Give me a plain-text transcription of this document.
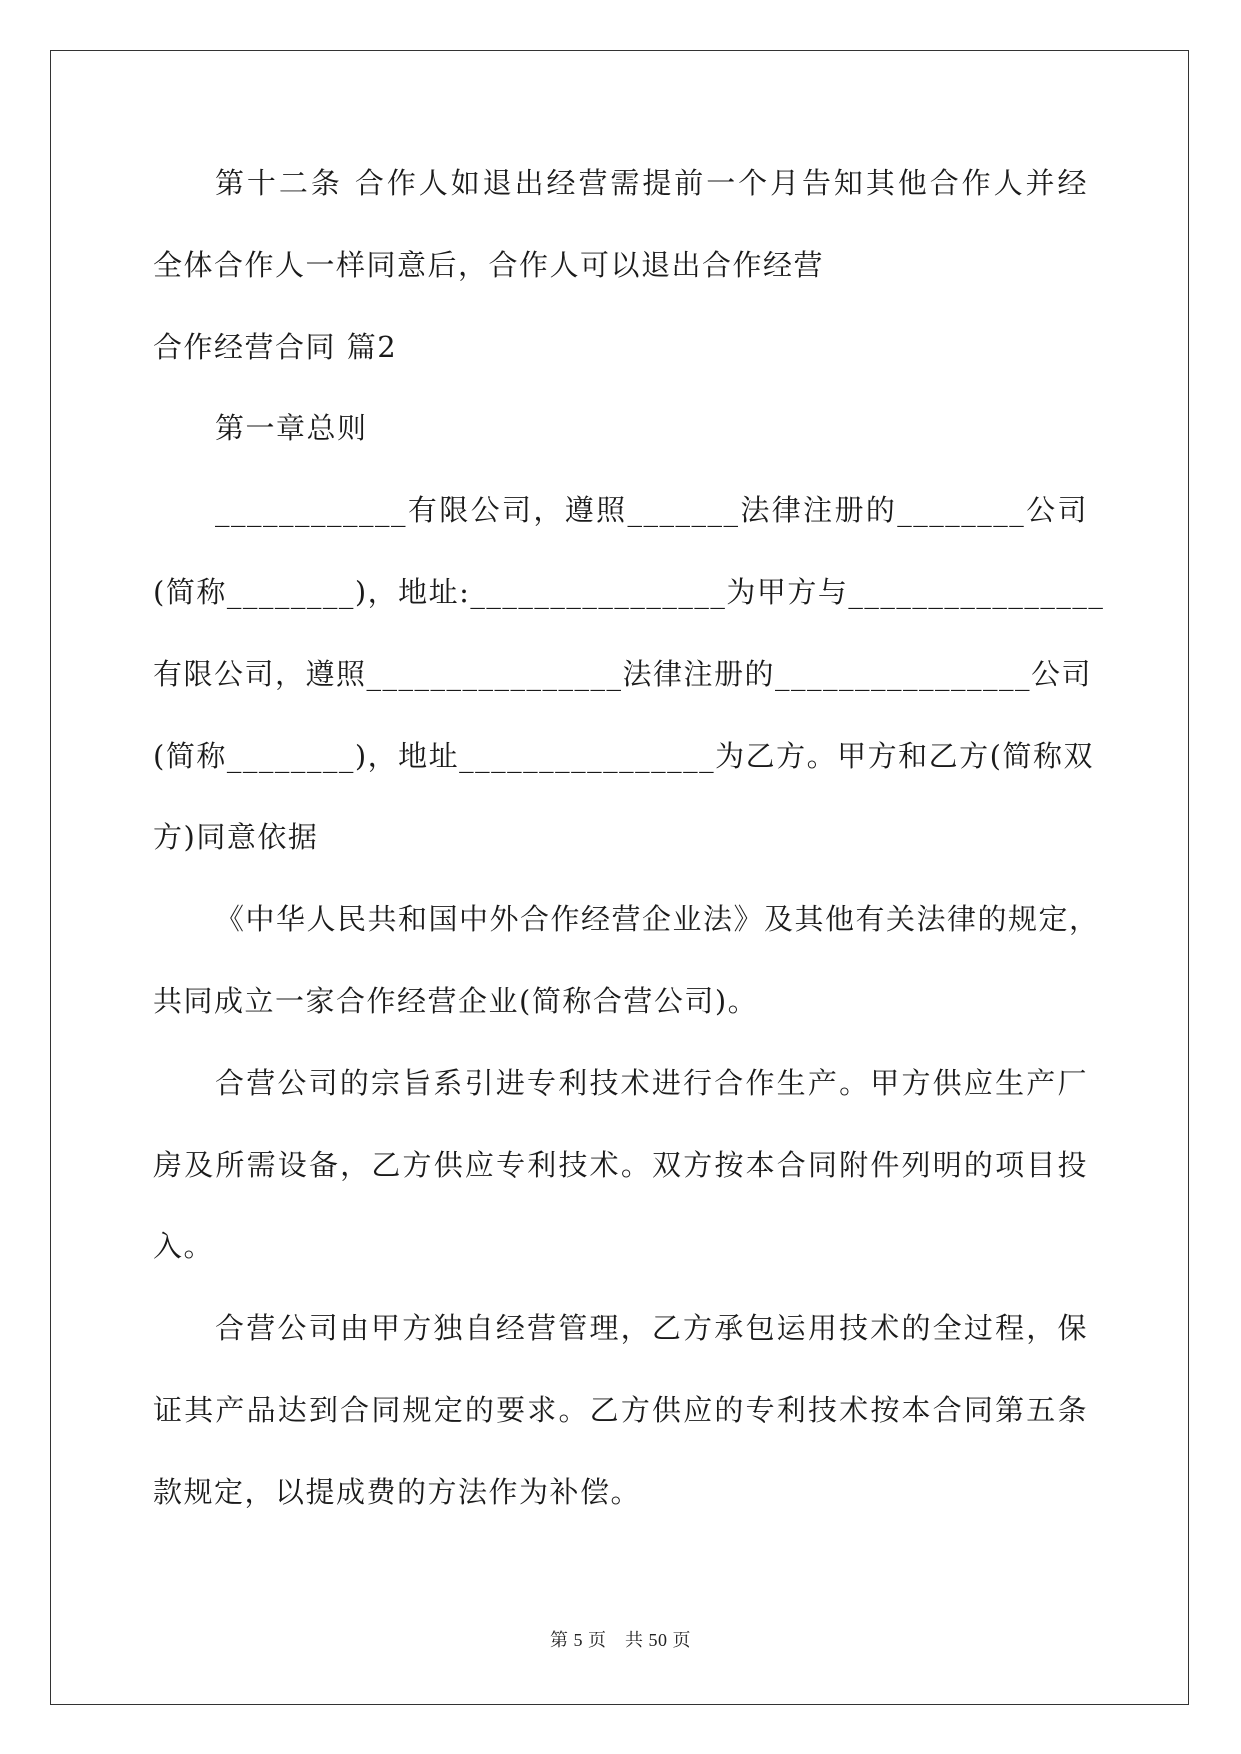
第十二条 合作人如退出经营需提前一个月告知其他合作人并经
全体合作人一样同意后，合作人可以退出合作经营
合作经营合同 篇2
第一章总则
____________有限公司，遵照_______法律注册的________公司
(简称________)，地址:________________为甲方与________________
有限公司，遵照________________法律注册的________________公司
(简称________)，地址________________为乙方。甲方和乙方(简称双
方)同意依据
《中华人民共和国中外合作经营企业法》及其他有关法律的规定，
共同成立一家合作经营企业(简称合营公司)。
合营公司的宗旨系引进专利技术进行合作生产。甲方供应生产厂
房及所需设备，乙方供应专利技术。双方按本合同附件列明的项目投
入。
合营公司由甲方独自经营管理，乙方承包运用技术的全过程，保
证其产品达到合同规定的要求。乙方供应的专利技术按本合同第五条
款规定，以提成费的方法作为补偿。
第 5 页　共 50 页
